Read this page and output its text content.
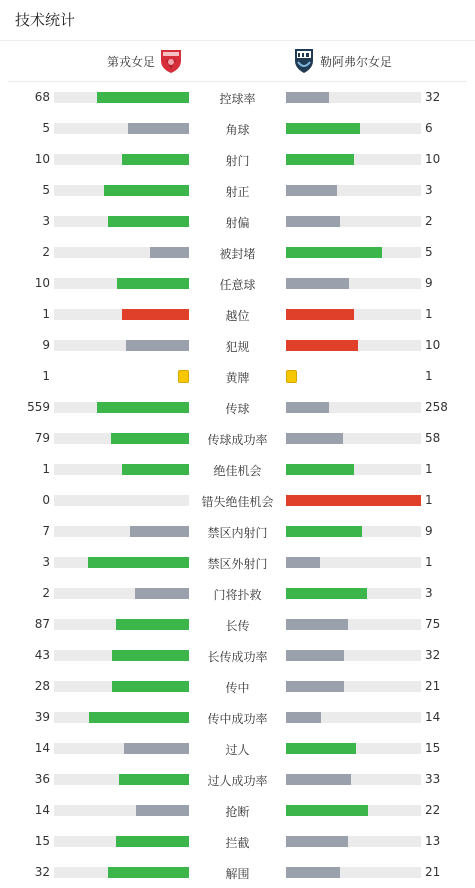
技术统计
第戎女足	勒阿弗尔女足
68	控球率	32
5	角球	6
10	射门	10
5	射正	3
3	射偏	2
2	被封堵	5
10	任意球	9
1	越位	1
9	犯规	10
1	黄牌	1
559	传球	258
79	传球成功率	58
1	绝佳机会	1
0	错失绝佳机会	1
7	禁区内射门	9
3	禁区外射门	1
2	门将扑救	3
87	长传	75
43	长传成功率	32
28	传中	21
39	传中成功率	14
14	过人	15
36	过人成功率	33
14	抢断	22
15	拦截	13
32	解围	21
